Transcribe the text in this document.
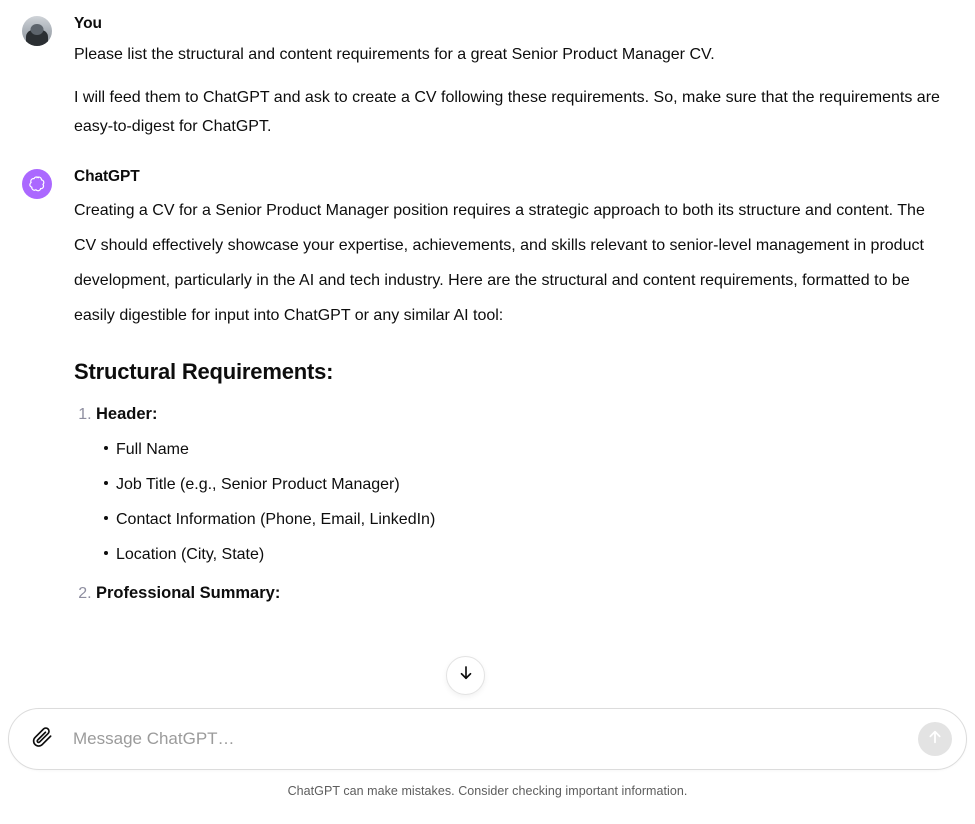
You

Please list the structural and content requirements for a great Senior Product Manager CV.

I will feed them to ChatGPT and ask to create a CV following these requirements. So, make sure that the requirements are easy-to-digest for ChatGPT.

ChatGPT

Creating a CV for a Senior Product Manager position requires a strategic approach to both its structure and content. The CV should effectively showcase your expertise, achievements, and skills relevant to senior-level management in product development, particularly in the AI and tech industry. Here are the structural and content requirements, formatted to be easily digestible for input into ChatGPT or any similar AI tool:

Structural Requirements:
1. Header:
Full Name
Job Title (e.g., Senior Product Manager)
Contact Information (Phone, Email, LinkedIn)
Location (City, State)
2. Professional Summary:
Message ChatGPT…
ChatGPT can make mistakes. Consider checking important information.
